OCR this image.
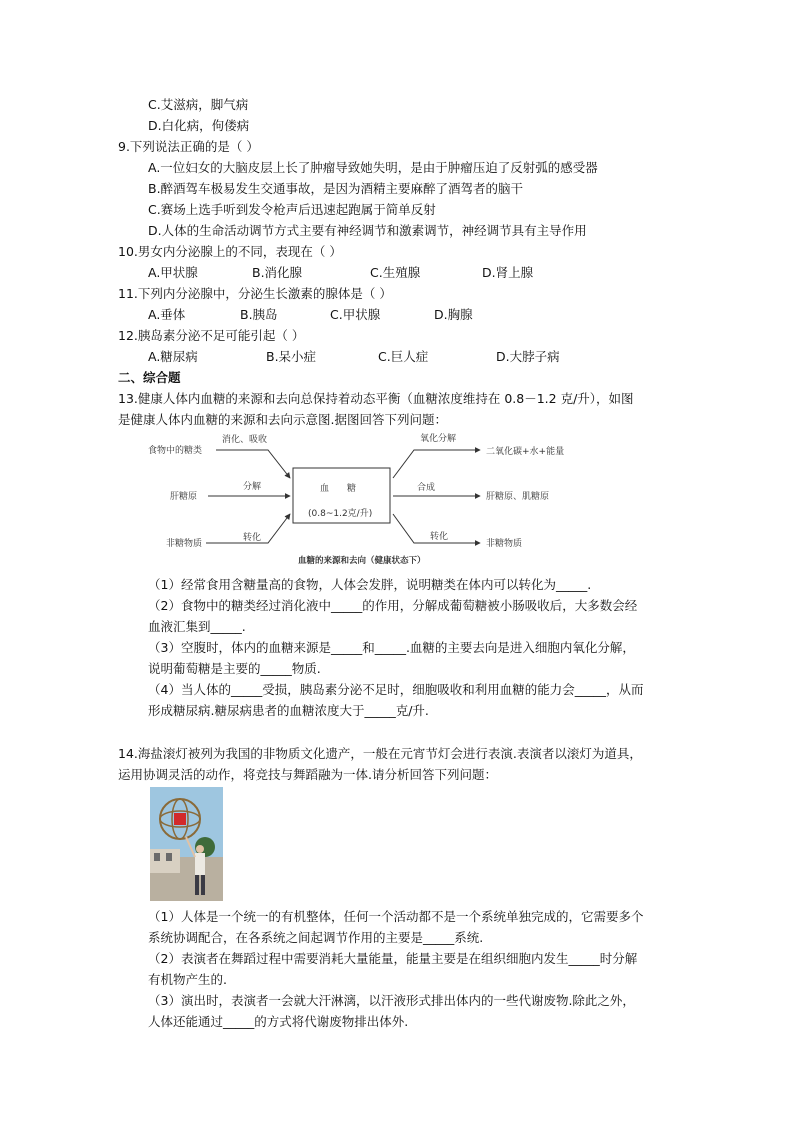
C.艾滋病，脚气病
D.白化病，佝偻病
9.下列说法正确的是（ ）
A.一位妇女的大脑皮层上长了肿瘤导致她失明，是由于肿瘤压迫了反射弧的感受器
B.醉酒驾车极易发生交通事故，是因为酒精主要麻醉了酒驾者的脑干
C.赛场上选手听到发令枪声后迅速起跑属于简单反射
D.人体的生命活动调节方式主要有神经调节和激素调节，神经调节具有主导作用
10.男女内分泌腺上的不同，表现在（ ）
A.甲状腺	B.消化腺	C.生殖腺	D.肾上腺
11.下列内分泌腺中，分泌生长激素的腺体是（ ）
A.垂体	B.胰岛	C.甲状腺	D.胸腺
12.胰岛素分泌不足可能引起（ ）
A.糖尿病	B.呆小症	C.巨人症	D.大脖子病
二、综合题
13.健康人体内血糖的来源和去向总保持着动态平衡（血糖浓度维持在 0.8－1.2 克/升），如图
是健康人体内血糖的来源和去向示意图.据图回答下列问题：
食物中的糖类
肝糖原
非糖物质
消化、吸收
分解
转化
血　　糖
(0.8~1.2克/升)
氧化分解
合成
转化
二氧化碳+水+能量
肝糖原、肌糖原
非糖物质
血糖的来源和去向（健康状态下）
（1）经常食用含糖量高的食物，人体会发胖，说明糖类在体内可以转化为_____.
（2）食物中的糖类经过消化液中_____的作用，分解成葡萄糖被小肠吸收后，大多数会经
血液汇集到_____.
（3）空腹时，体内的血糖来源是_____和_____.血糖的主要去向是进入细胞内氧化分解，
说明葡萄糖是主要的_____物质.
（4）当人体的_____受损，胰岛素分泌不足时，细胞吸收和利用血糖的能力会_____，从而
形成糖尿病.糖尿病患者的血糖浓度大于_____克/升.
14.海盐滚灯被列为我国的非物质文化遗产，一般在元宵节灯会进行表演.表演者以滚灯为道具，
运用协调灵活的动作，将竞技与舞蹈融为一体.请分析回答下列问题：
（1）人体是一个统一的有机整体，任何一个活动都不是一个系统单独完成的，它需要多个
系统协调配合，在各系统之间起调节作用的主要是_____系统.
（2）表演者在舞蹈过程中需要消耗大量能量，能量主要是在组织细胞内发生_____时分解
有机物产生的.
（3）演出时，表演者一会就大汗淋漓，以汗液形式排出体内的一些代谢废物.除此之外，
人体还能通过_____的方式将代谢废物排出体外.
